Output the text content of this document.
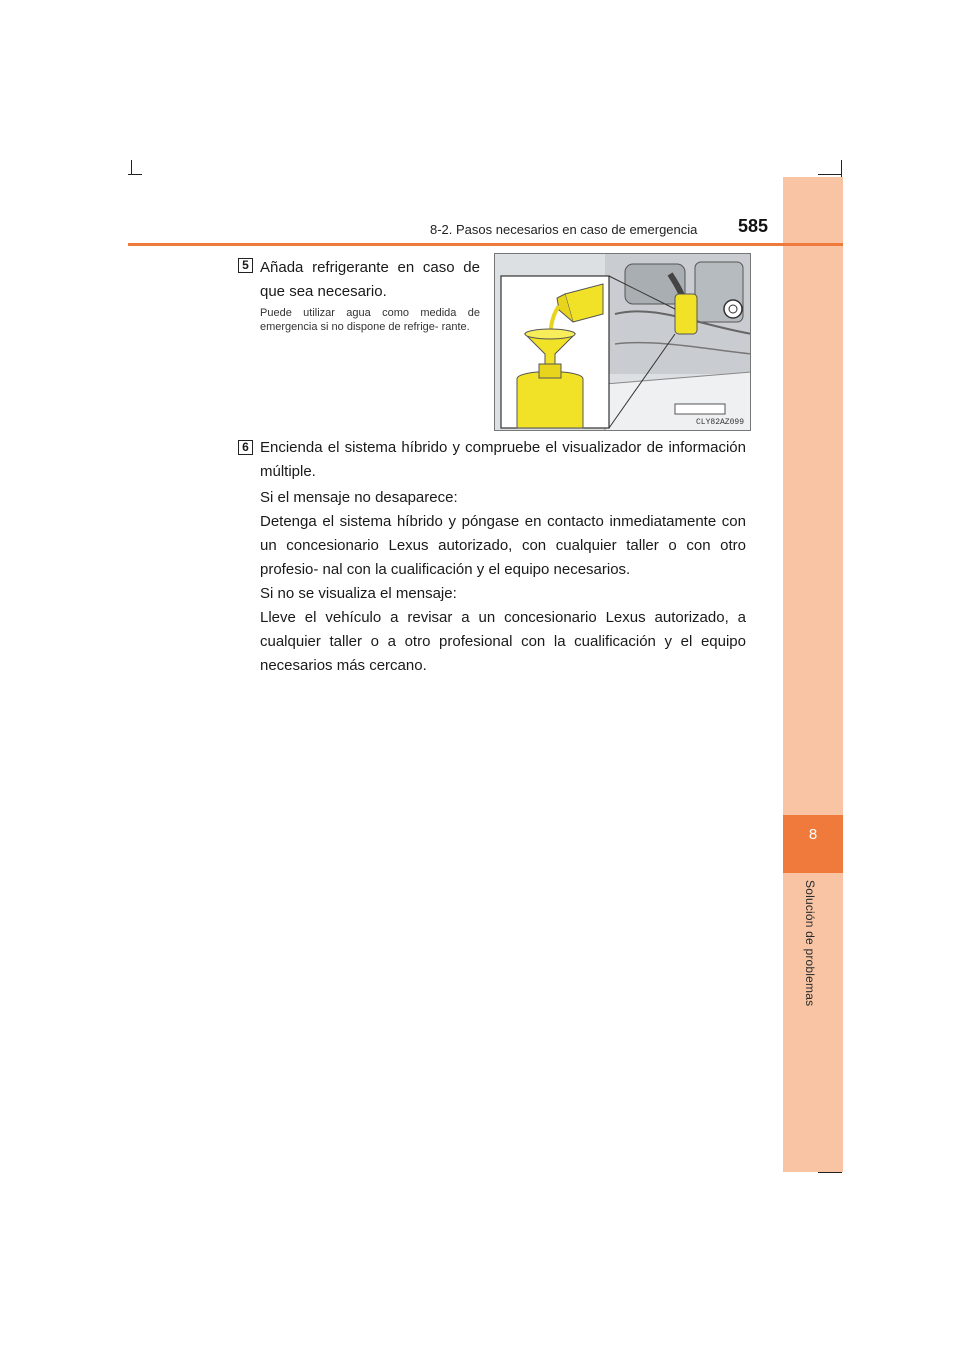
8
Solución de problemas
8-2. Pasos necesarios en caso de emergencia 585
5 Añada refrigerante en caso de que sea necesario.
Puede utilizar agua como medida de emergencia si no dispone de refrige- rante.
CLY82AZ099
6 Encienda el sistema híbrido y compruebe el visualizador de información múltiple.
Si el mensaje no desaparece:
Detenga el sistema híbrido y póngase en contacto inmediatamente con un concesionario Lexus autorizado, con cualquier taller o con otro profesio- nal con la cualificación y el equipo necesarios.
Si no se visualiza el mensaje:
Lleve el vehículo a revisar a un concesionario Lexus autorizado, a cualquier taller o a otro profesional con la cualificación y el equipo necesarios más cercano.
